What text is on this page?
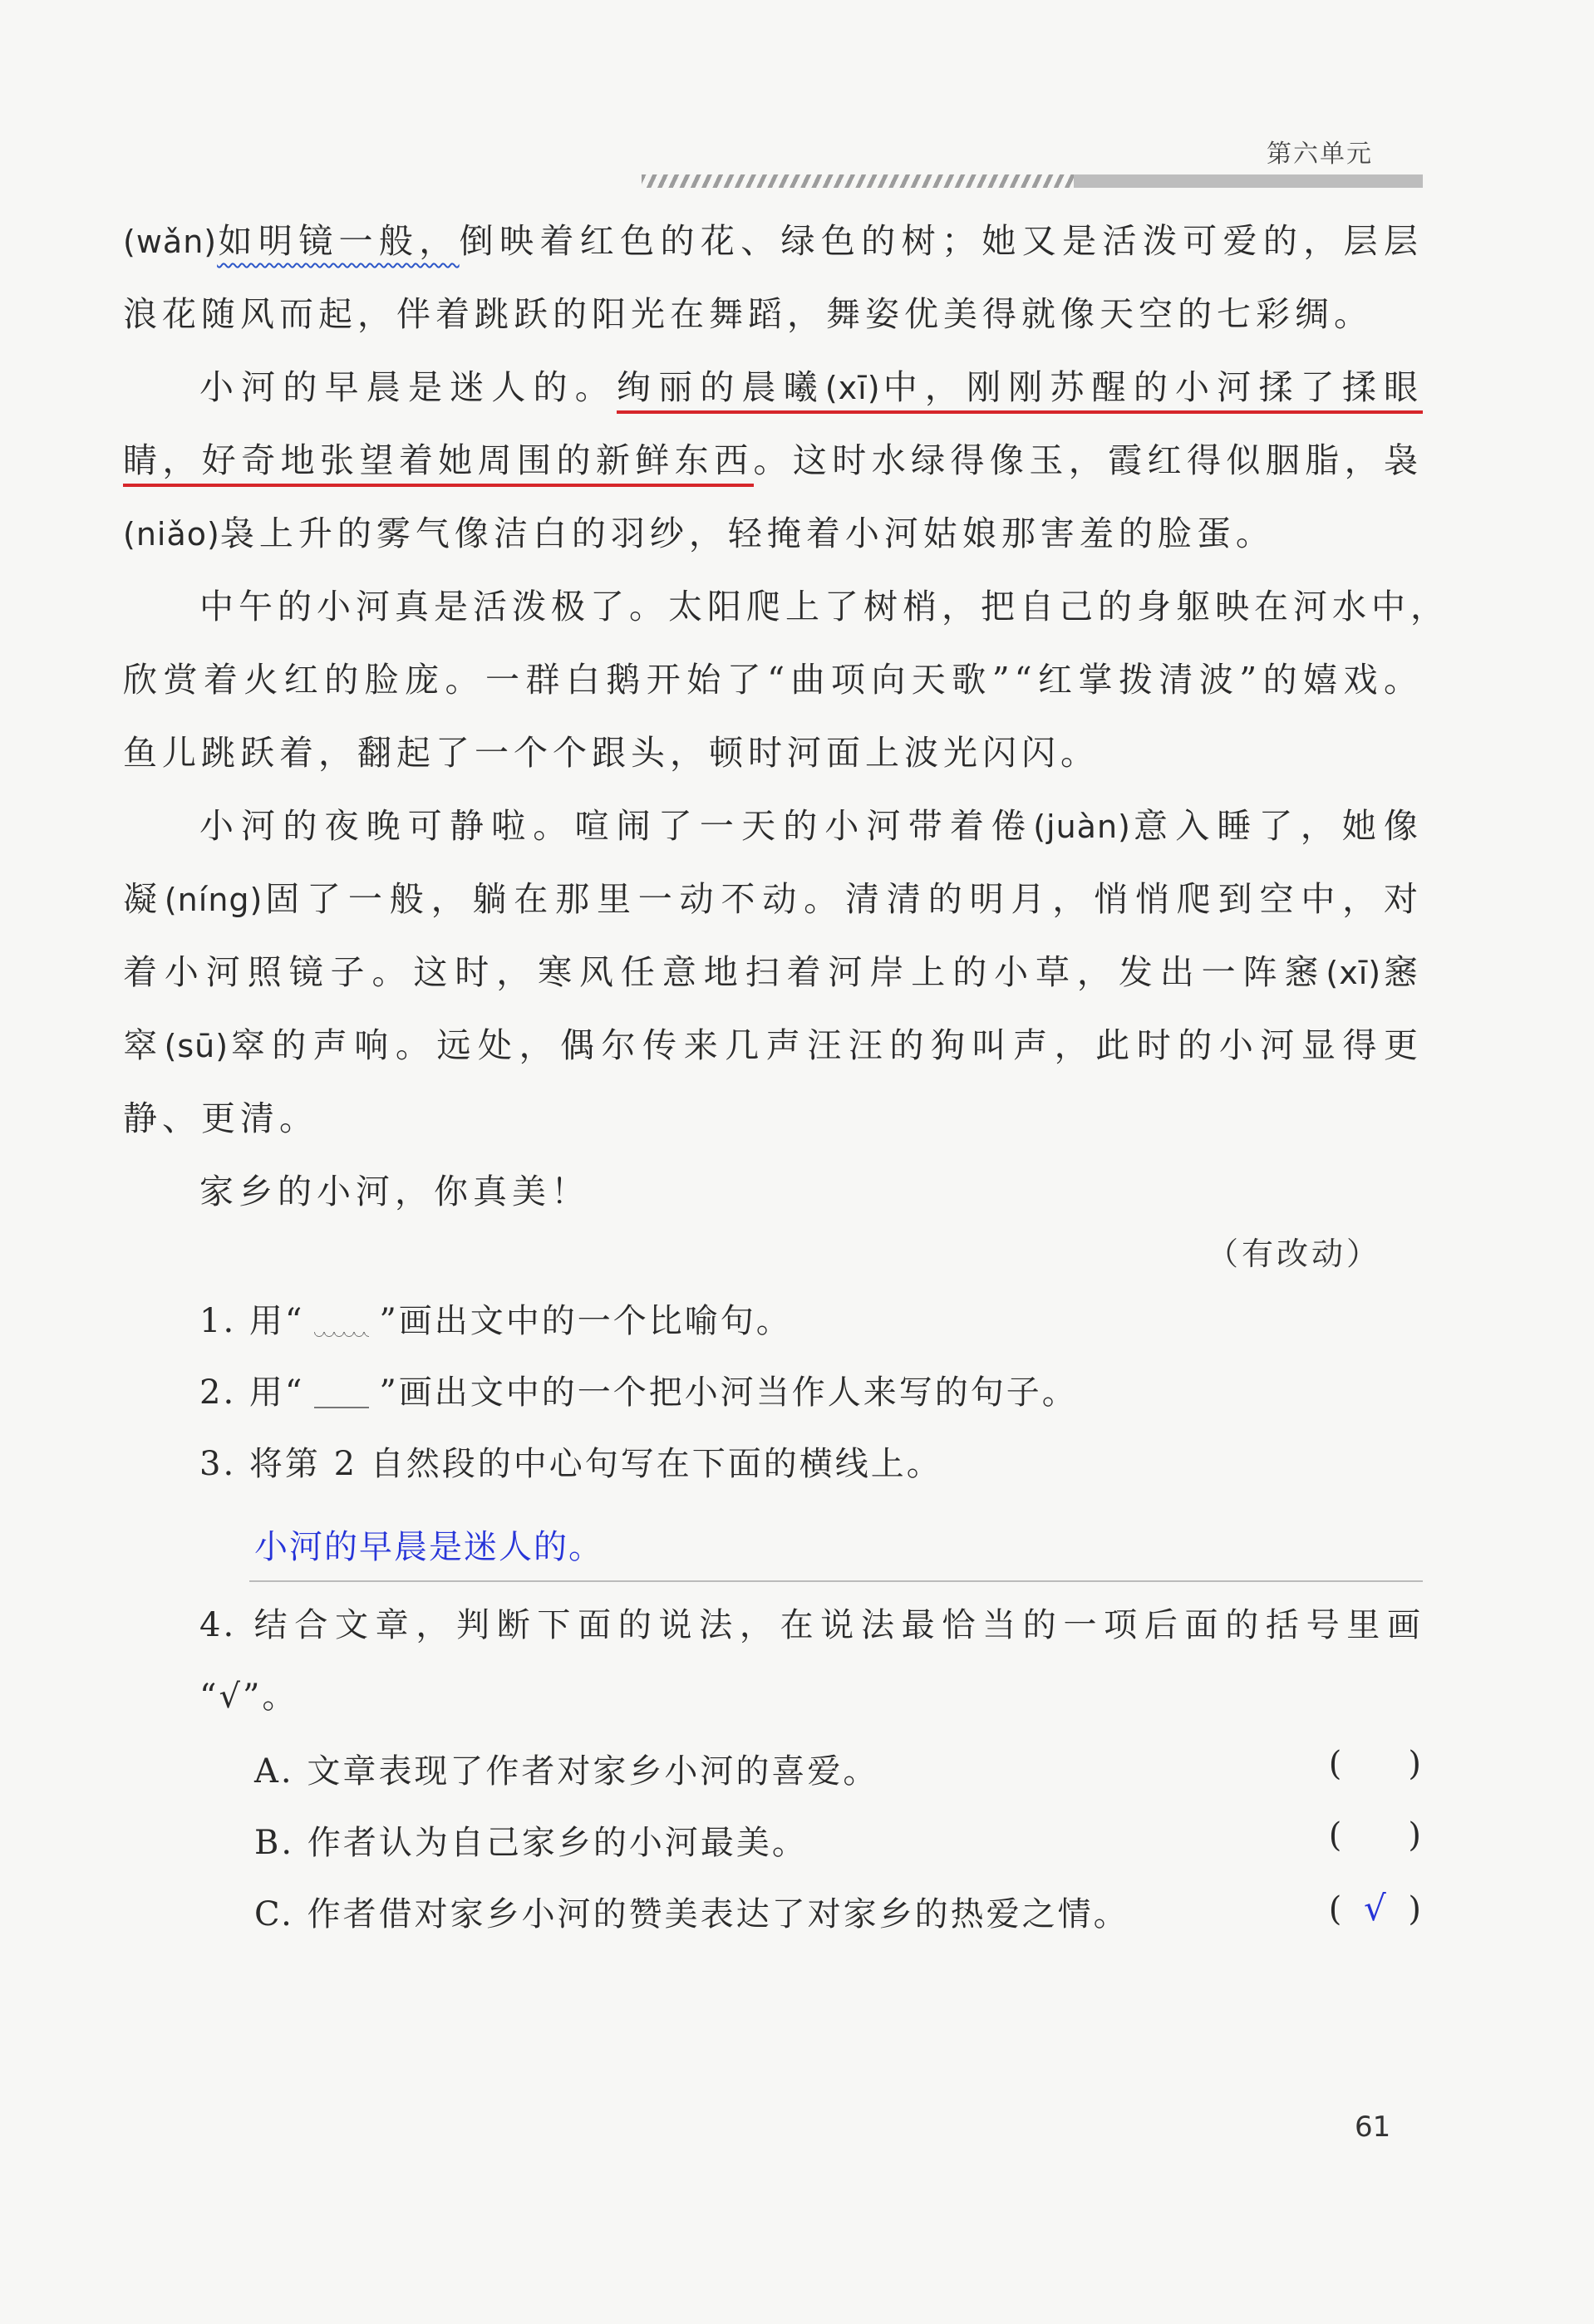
第六单元
(wǎn)如明镜一般，倒映着红色的花、绿色的树；她又是活泼可爱的，层层
浪花随风而起，伴着跳跃的阳光在舞蹈，舞姿优美得就像天空的七彩绸。
小河的早晨是迷人的。绚丽的晨曦(xī)中，刚刚苏醒的小河揉了揉眼
睛，好奇地张望着她周围的新鲜东西。这时水绿得像玉，霞红得似胭脂，袅
(niǎo)袅上升的雾气像洁白的羽纱，轻掩着小河姑娘那害羞的脸蛋。
中午的小河真是活泼极了。太阳爬上了树梢，把自己的身躯映在河水中，
欣赏着火红的脸庞。一群白鹅开始了“曲项向天歌”“红掌拨清波”的嬉戏。
鱼儿跳跃着，翻起了一个个跟头，顿时河面上波光闪闪。
小河的夜晚可静啦。喧闹了一天的小河带着倦(juàn)意入睡了，她像
凝(níng)固了一般，躺在那里一动不动。清清的明月，悄悄爬到空中，对
着小河照镜子。这时，寒风任意地扫着河岸上的小草，发出一阵窸(xī)窸
窣(sū)窣的声响。远处，偶尔传来几声汪汪的狗叫声，此时的小河显得更
静、更清。
家乡的小河，你真美！
（有改动）
1. 用“ ”画出文中的一个比喻句。
2. 用“ ”画出文中的一个把小河当作人来写的句子。
3. 将第 2 自然段的中心句写在下面的横线上。
小河的早晨是迷人的。
4. 结合文章，判断下面的说法，在说法最恰当的一项后面的括号里画
“√”。
A. 文章表现了作者对家乡小河的喜爱。	( )
B. 作者认为自己家乡的小河最美。	( )
C. 作者借对家乡小河的赞美表达了对家乡的热爱之情。	( √ )
61
